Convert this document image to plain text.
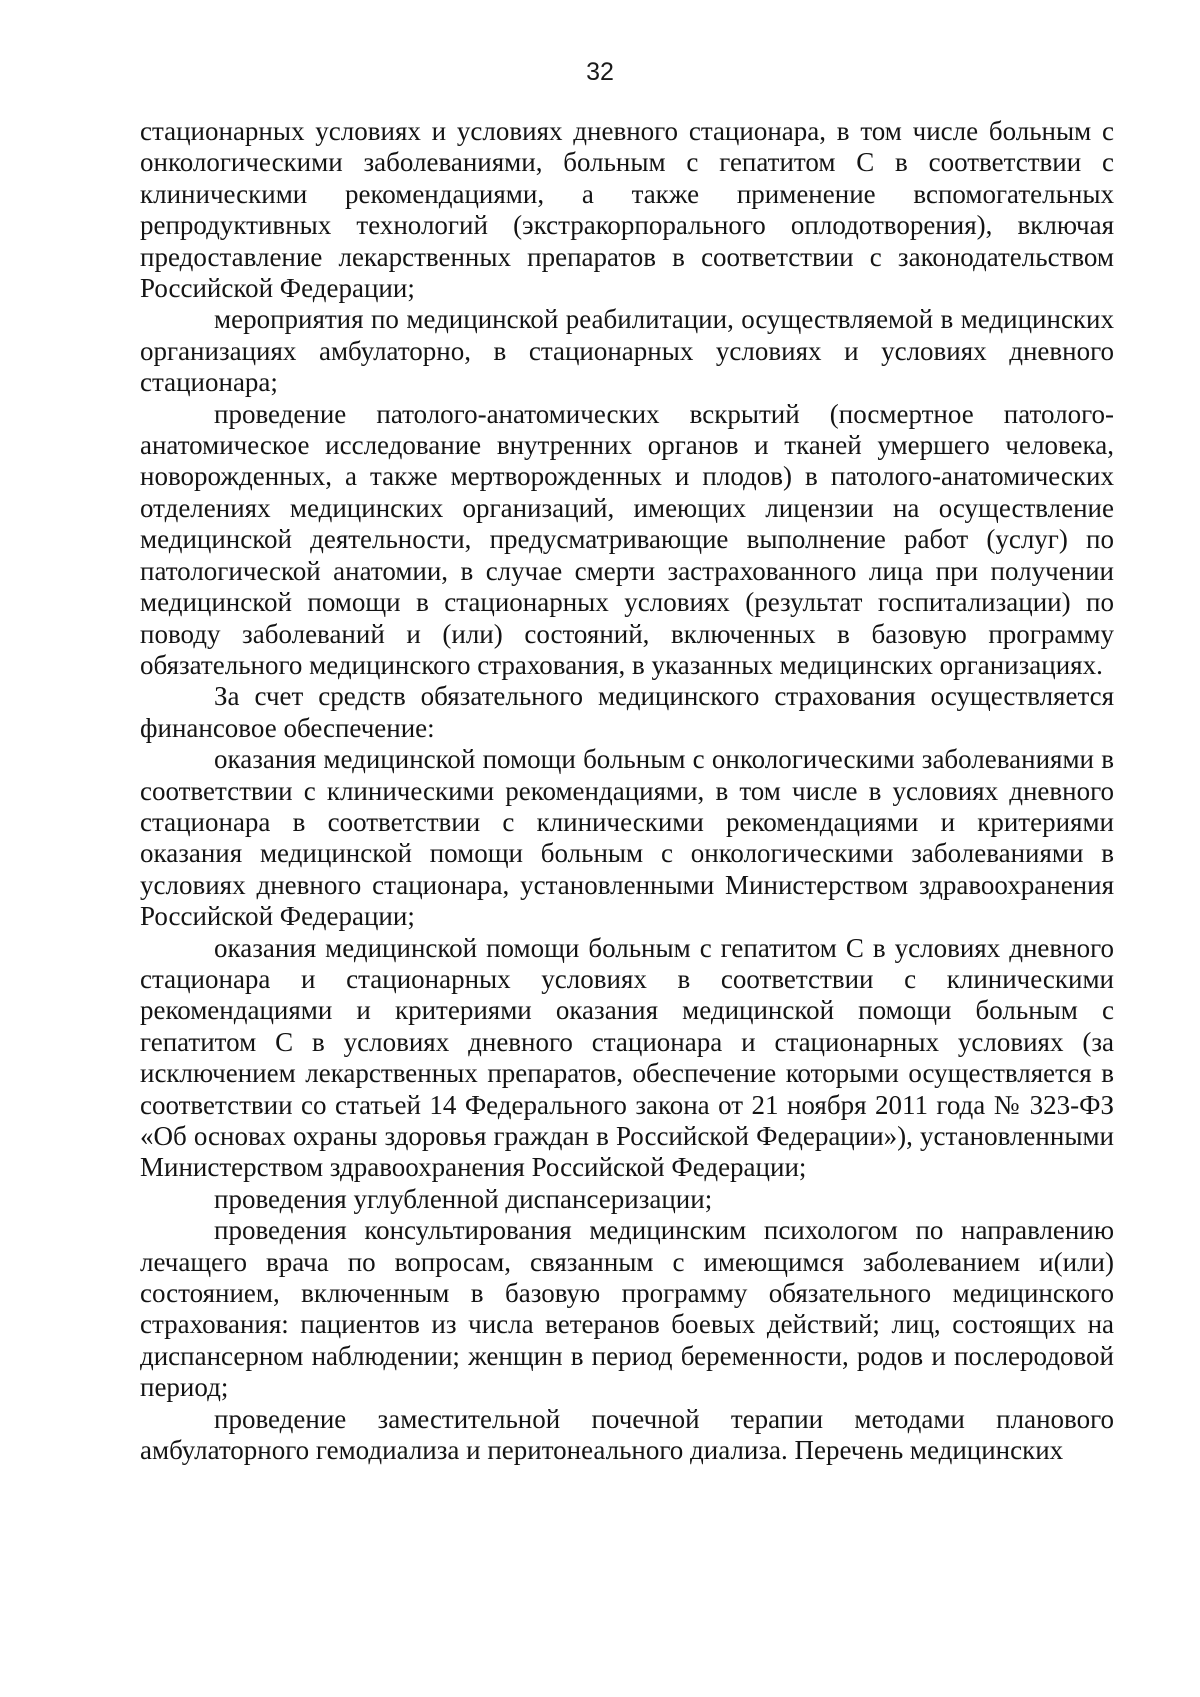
32

стационарных условиях и условиях дневного стационара, в том числе больным с онкологическими заболеваниями, больным с гепатитом С в соответствии с клиническими рекомендациями, а также применение вспомогательных репродуктивных технологий (экстракорпорального оплодотворения), включая предоставление лекарственных препаратов в соответствии с законодательством Российской Федерации;

мероприятия по медицинской реабилитации, осуществляемой в медицинских организациях амбулаторно, в стационарных условиях и условиях дневного стационара;

проведение патолого-анатомических вскрытий (посмертное патолого-анатомическое исследование внутренних органов и тканей умершего человека, новорожденных, а также мертворожденных и плодов) в патолого-анатомических отделениях медицинских организаций, имеющих лицензии на осуществление медицинской деятельности, предусматривающие выполнение работ (услуг) по патологической анатомии, в случае смерти застрахованного лица при получении медицинской помощи в стационарных условиях (результат госпитализации) по поводу заболеваний и (или) состояний, включенных в базовую программу обязательного медицинского страхования, в указанных медицинских организациях.

За счет средств обязательного медицинского страхования осуществляется финансовое обеспечение:

оказания медицинской помощи больным с онкологическими заболеваниями в соответствии с клиническими рекомендациями, в том числе в условиях дневного стационара в соответствии с клиническими рекомендациями и критериями оказания медицинской помощи больным с онкологическими заболеваниями в условиях дневного стационара, установленными Министерством здравоохранения Российской Федерации;

оказания медицинской помощи больным с гепатитом С в условиях дневного стационара и стационарных условиях в соответствии с клиническими рекомендациями и критериями оказания медицинской помощи больным с гепатитом С в условиях дневного стационара и стационарных условиях (за исключением лекарственных препаратов, обеспечение которыми осуществляется в соответствии со статьей 14 Федерального закона от 21 ноября 2011 года № 323-ФЗ «Об основах охраны здоровья граждан в Российской Федерации»), установленными Министерством здравоохранения Российской Федерации;

проведения углубленной диспансеризации;

проведения консультирования медицинским психологом по направлению лечащего врача по вопросам, связанным с имеющимся заболеванием и(или) состоянием, включенным в базовую программу обязательного медицинского страхования: пациентов из числа ветеранов боевых действий; лиц, состоящих на диспансерном наблюдении; женщин в период беременности, родов и послеродовой период;

проведение заместительной почечной терапии методами планового амбулаторного гемодиализа и перитонеального диализа. Перечень медицинских
